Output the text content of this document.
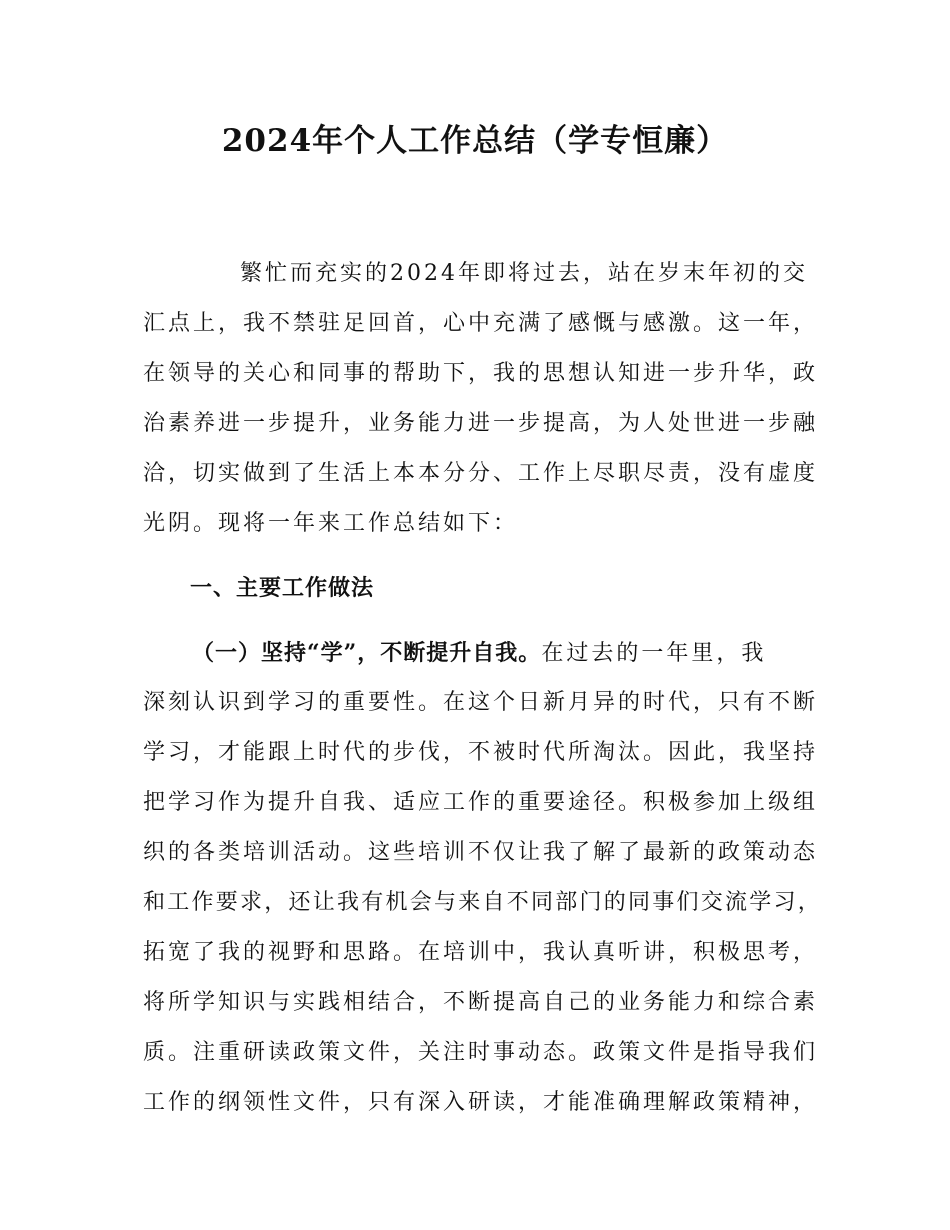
2024年个人工作总结（学专恒廉）

繁忙而充实的2024年即将过去，站在岁末年初的交

汇点上，我不禁驻足回首，心中充满了感慨与感激。这一年，

在领导的关心和同事的帮助下，我的思想认知进一步升华，政

治素养进一步提升，业务能力进一步提高，为人处世进一步融

洽，切实做到了生活上本本分分、工作上尽职尽责，没有虚度

光阴。现将一年来工作总结如下：

一、主要工作做法

（一）坚持“学”，不断提升自我。在过去的一年里，我

深刻认识到学习的重要性。在这个日新月异的时代，只有不断

学习，才能跟上时代的步伐，不被时代所淘汰。因此，我坚持

把学习作为提升自我、适应工作的重要途径。积极参加上级组

织的各类培训活动。这些培训不仅让我了解了最新的政策动态

和工作要求，还让我有机会与来自不同部门的同事们交流学习，

拓宽了我的视野和思路。在培训中，我认真听讲，积极思考，

将所学知识与实践相结合，不断提高自己的业务能力和综合素

质。注重研读政策文件，关注时事动态。政策文件是指导我们

工作的纲领性文件，只有深入研读，才能准确理解政策精神，
